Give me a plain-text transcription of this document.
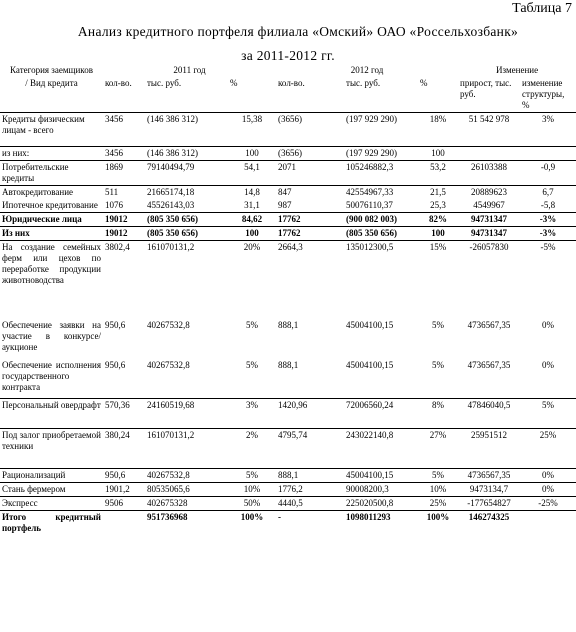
Таблица 7
Анализ кредитного портфеля филиала «Омский» ОАО «Россельхозбанк»
за 2011-2012 гг.
Категория заемщиков	2011 год			2012 год			Изменение	
/ Вид кредита	кол-во.	тыс. руб.	%	кол-во.	тыс. руб.	%	прирост, тыс. руб.	изменение структуры, %
Кредиты физическим лицам - всего	3456	(146 386 312)	15,38	(3656)	(197 929 290)	18%	51 542 978	3%
из них:	3456	(146 386 312)	100	(3656)	(197 929 290)	100		
Потребительские кредиты	1869	79140494,79	54,1	2071	105246882,3	53,2	26103388	-0,9
Автокредитование	511	21665174,18	14,8	847	42554967,33	21,5	20889623	6,7
Ипотечное кредитование	1076	45526143,03	31,1	987	50076110,37	25,3	4549967	-5,8
Юридические лица	19012	(805 350 656)	84,62	17762	(900 082 003)	82%	94731347	-3%
Из них	19012	(805 350 656)	100	17762	(805 350 656)	100	94731347	-3%
На создание семейных ферм или цехов по переработке продукции животноводства	3802,4	161070131,2	20%	2664,3	135012300,5	15%	-26057830	-5%
Обеспечение заявки на участие в конкурсе/аукционе	950,6	40267532,8	5%	888,1	45004100,15	5%	4736567,35	0%
Обеспечение исполнения государственного контракта	950,6	40267532,8	5%	888,1	45004100,15	5%	4736567,35	0%
Персональный овердрафт	570,36	24160519,68	3%	1420,96	72006560,24	8%	47846040,5	5%
Под залог приобретаемой техники	380,24	161070131,2	2%	4795,74	243022140,8	27%	25951512	25%
Рационализаций	950,6	40267532,8	5%	888,1	45004100,15	5%	4736567,35	0%
Стань фермером	1901,2	80535065,6	10%	1776,2	90008200,3	10%	9473134,7	0%
Экспресс	9506	402675328	50%	4440,5	225020500,8	25%	-177654827	-25%
Итого кредитный портфель		951736968	100%	-	1098011293	100%	146274325	
